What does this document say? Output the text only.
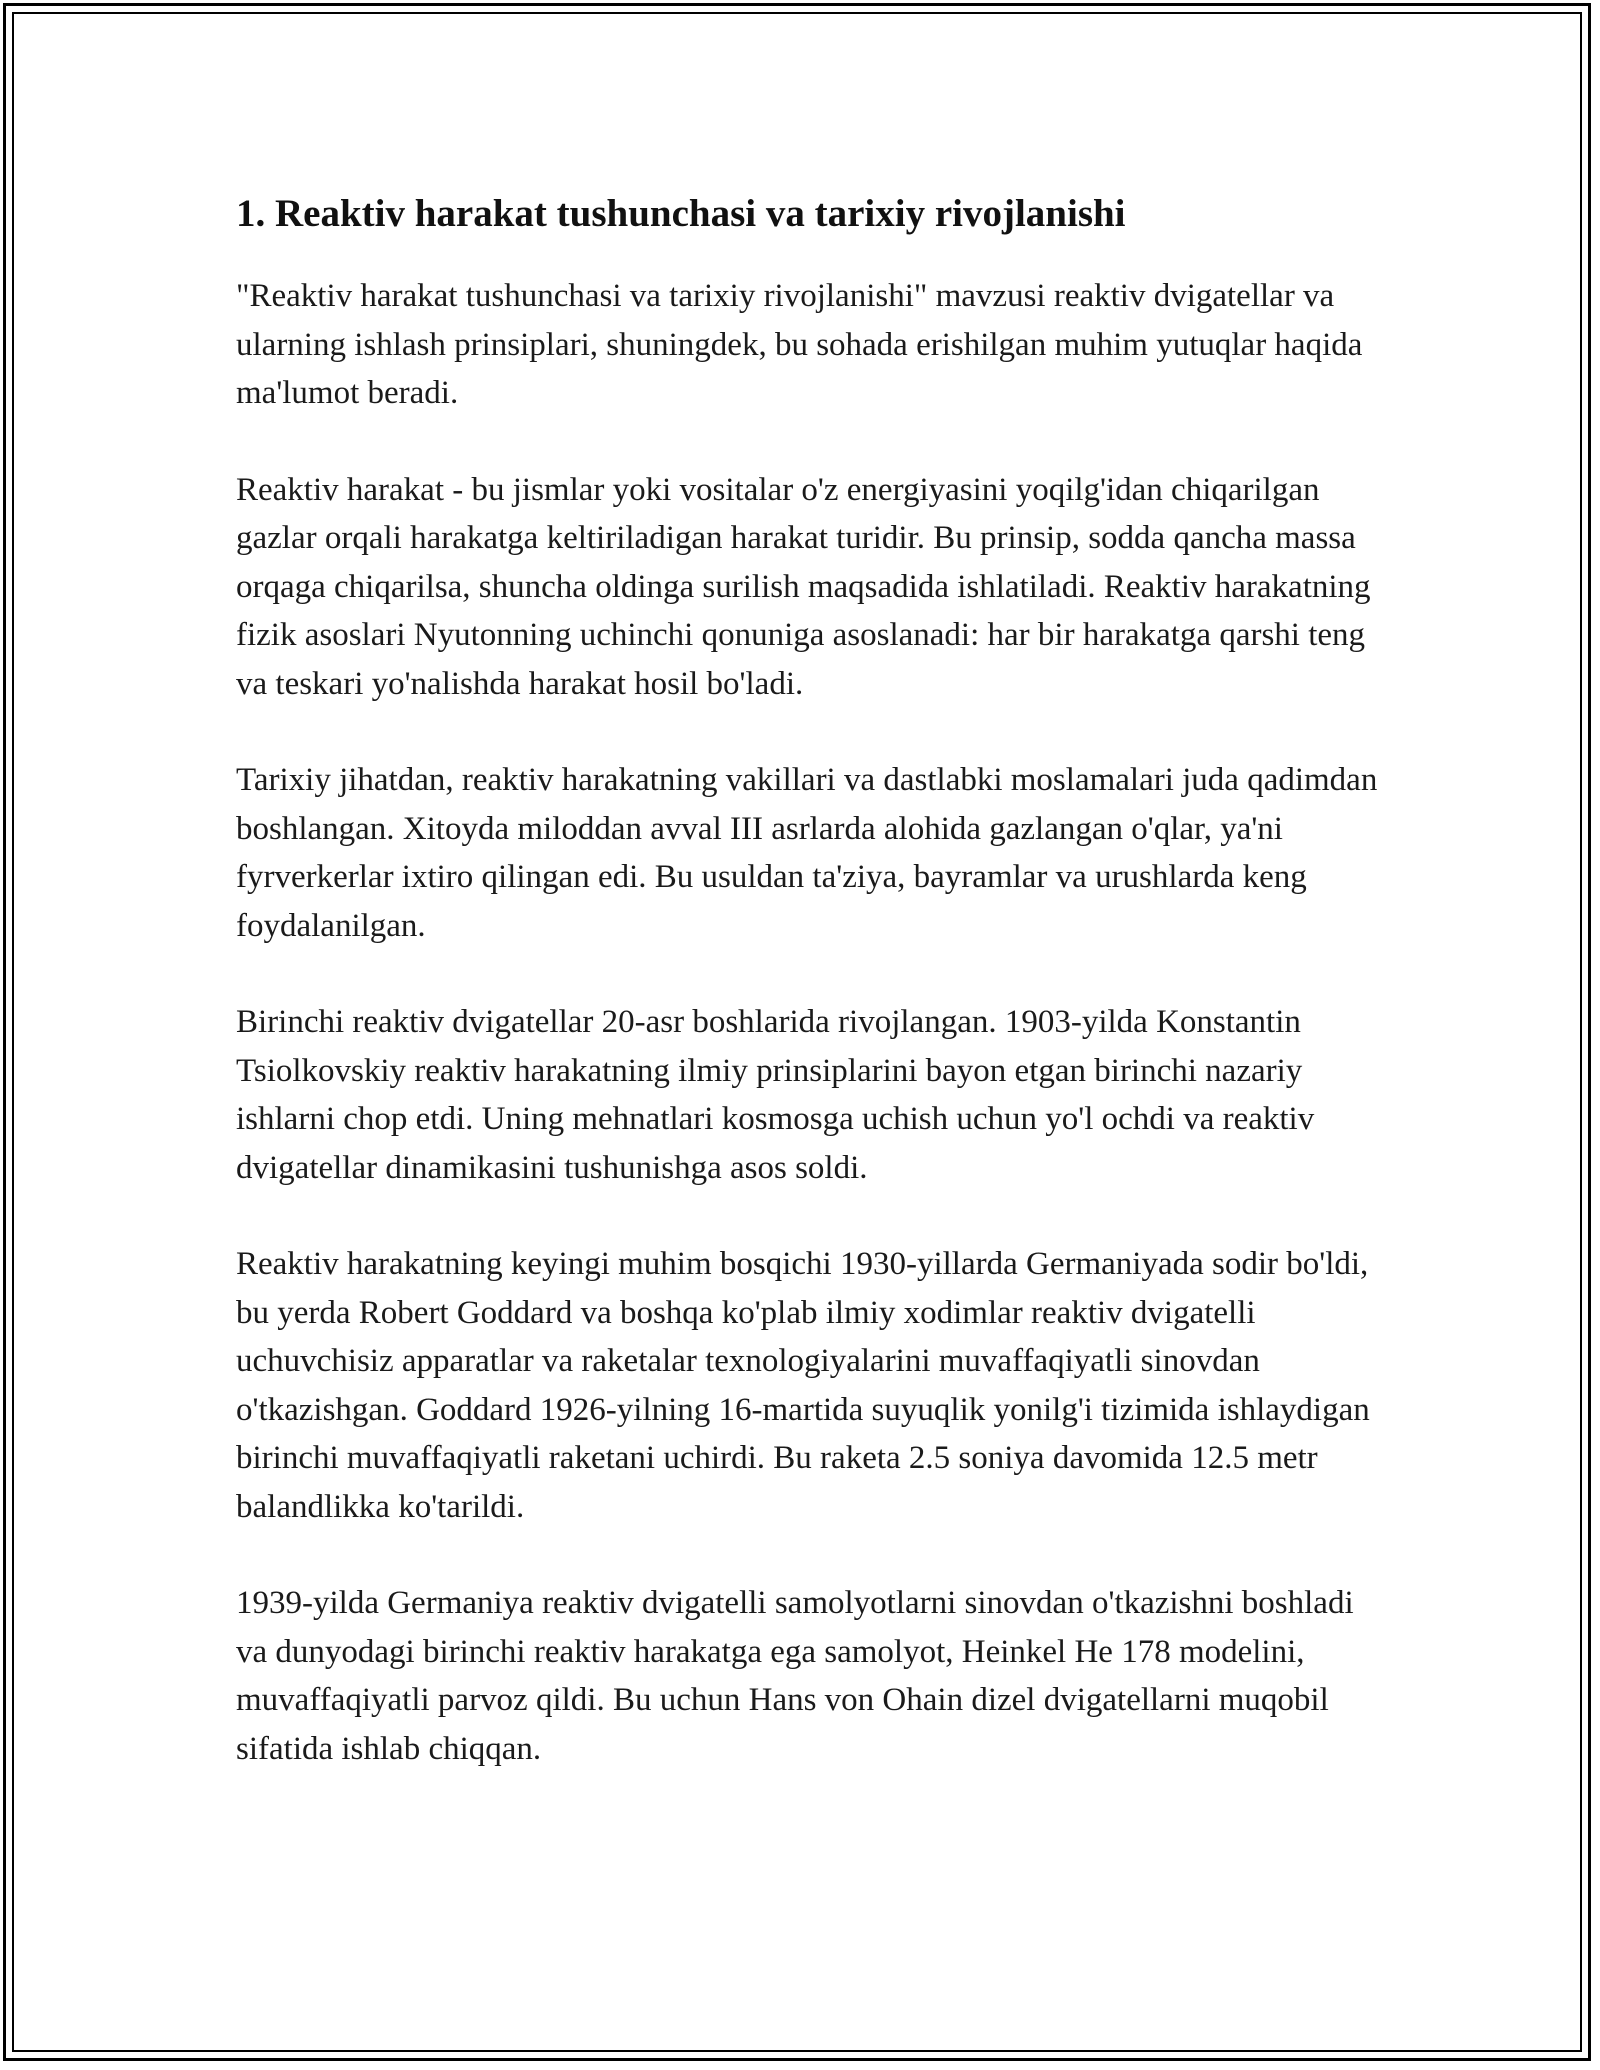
1. Reaktiv harakat tushunchasi va tarixiy rivojlanishi

"Reaktiv harakat tushunchasi va tarixiy rivojlanishi" mavzusi reaktiv dvigatellar va ularning ishlash prinsiplari, shuningdek, bu sohada erishilgan muhim yutuqlar haqida ma'lumot beradi.

Reaktiv harakat - bu jismlar yoki vositalar o'z energiyasini yoqilg'idan chiqarilgan gazlar orqali harakatga keltiriladigan harakat turidir. Bu prinsip, sodda qancha massa orqaga chiqarilsa, shuncha oldinga surilish maqsadida ishlatiladi. Reaktiv harakatning fizik asoslari Nyutonning uchinchi qonuniga asoslanadi: har bir harakatga qarshi teng va teskari yo'nalishda harakat hosil bo'ladi.

Tarixiy jihatdan, reaktiv harakatning vakillari va dastlabki moslamalari juda qadimdan boshlangan. Xitoyda miloddan avval III asrlarda alohida gazlangan o'qlar, ya'ni fyrverkerlar ixtiro qilingan edi. Bu usuldan ta'ziya, bayramlar va urushlarda keng foydalanilgan.

Birinchi reaktiv dvigatellar 20-asr boshlarida rivojlangan. 1903-yilda Konstantin Tsiolkovskiy reaktiv harakatning ilmiy prinsiplarini bayon etgan birinchi nazariy ishlarni chop etdi. Uning mehnatlari kosmosga uchish uchun yo'l ochdi va reaktiv dvigatellar dinamikasini tushunishga asos soldi.

Reaktiv harakatning keyingi muhim bosqichi 1930-yillarda Germaniyada sodir bo'ldi, bu yerda Robert Goddard va boshqa ko'plab ilmiy xodimlar reaktiv dvigatelli uchuvchisiz apparatlar va raketalar texnologiyalarini muvaffaqiyatli sinovdan o'tkazishgan. Goddard 1926-yilning 16-martida suyuqlik yonilg'i tizimida ishlaydigan birinchi muvaffaqiyatli raketani uchirdi. Bu raketa 2.5 soniya davomida 12.5 metr balandlikka ko'tarildi.

1939-yilda Germaniya reaktiv dvigatelli samolyotlarni sinovdan o'tkazishni boshladi va dunyodagi birinchi reaktiv harakatga ega samolyot, Heinkel He 178 modelini, muvaffaqiyatli parvoz qildi. Bu uchun Hans von Ohain dizel dvigatellarni muqobil sifatida ishlab chiqqan.
